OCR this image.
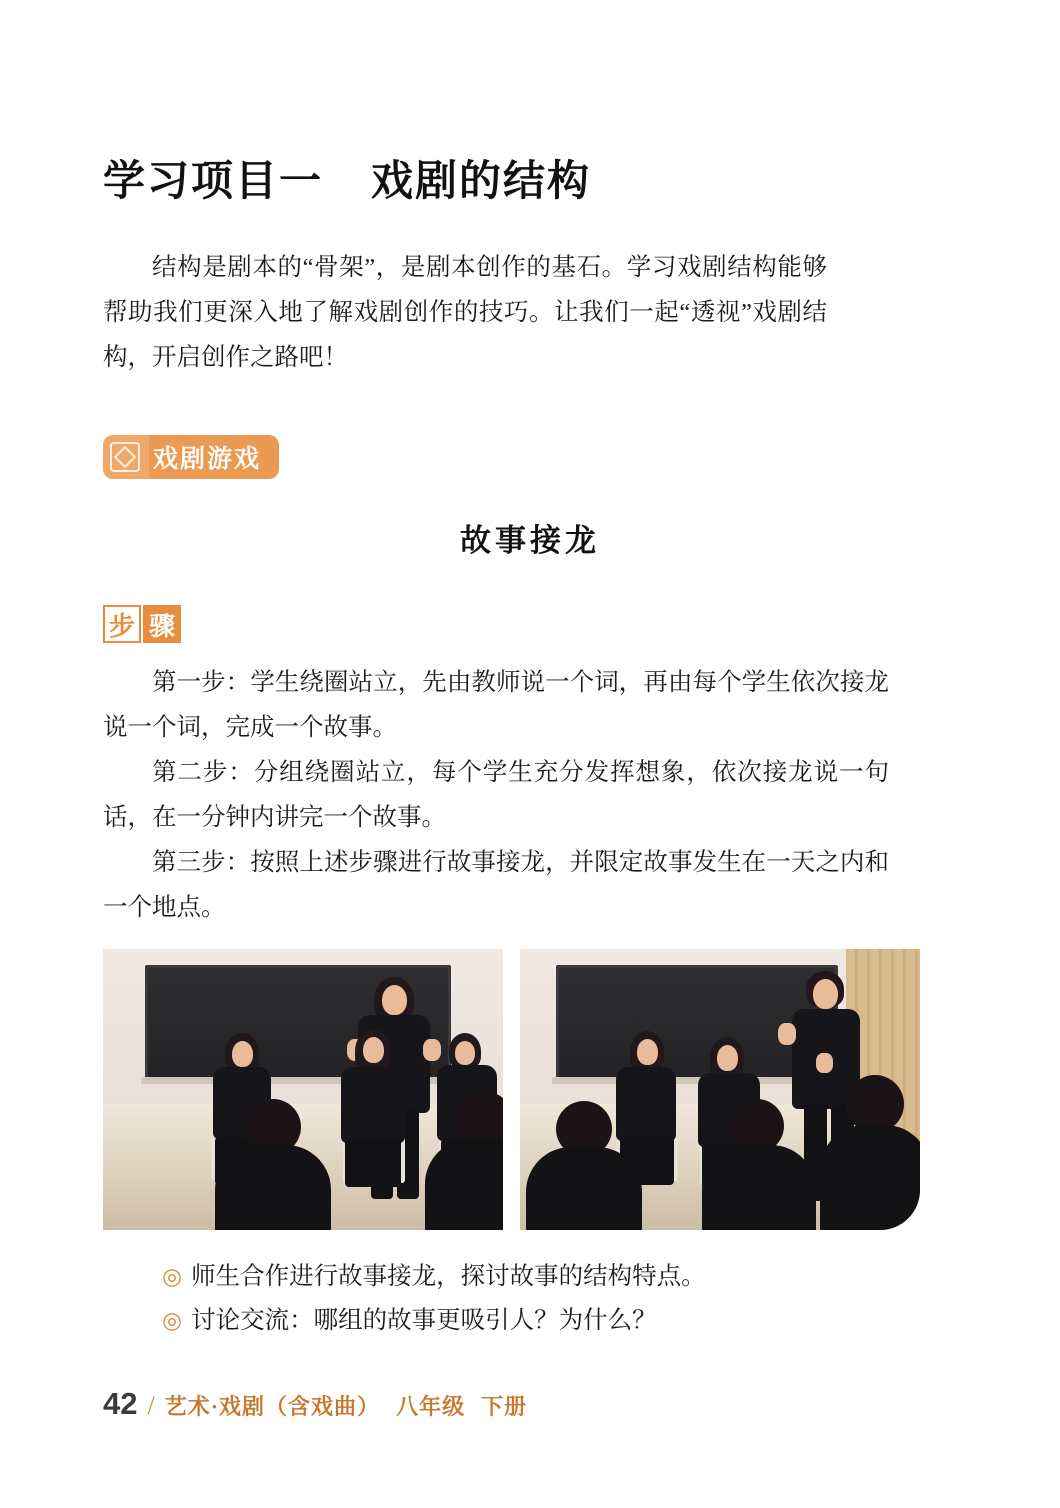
学习项目一 戏剧的结构

结构是剧本的“骨架”，是剧本创作的基石。学习戏剧结构能够帮助我们更深入地了解戏剧创作的技巧。让我们一起“透视”戏剧结构，开启创作之路吧！

戏剧游戏
故事接龙
步 骤

第一步：学生绕圈站立，先由教师说一个词，再由每个学生依次接龙说一个词，完成一个故事。

第二步：分组绕圈站立，每个学生充分发挥想象，依次接龙说一句话，在一分钟内讲完一个故事。

第三步：按照上述步骤进行故事接龙，并限定故事发生在一天之内和一个地点。

◎ 师生合作进行故事接龙，探讨故事的结构特点。
◎ 讨论交流：哪组的故事更吸引人？为什么？
42 / 艺术·戏剧（含戏曲） 八年级 下册
